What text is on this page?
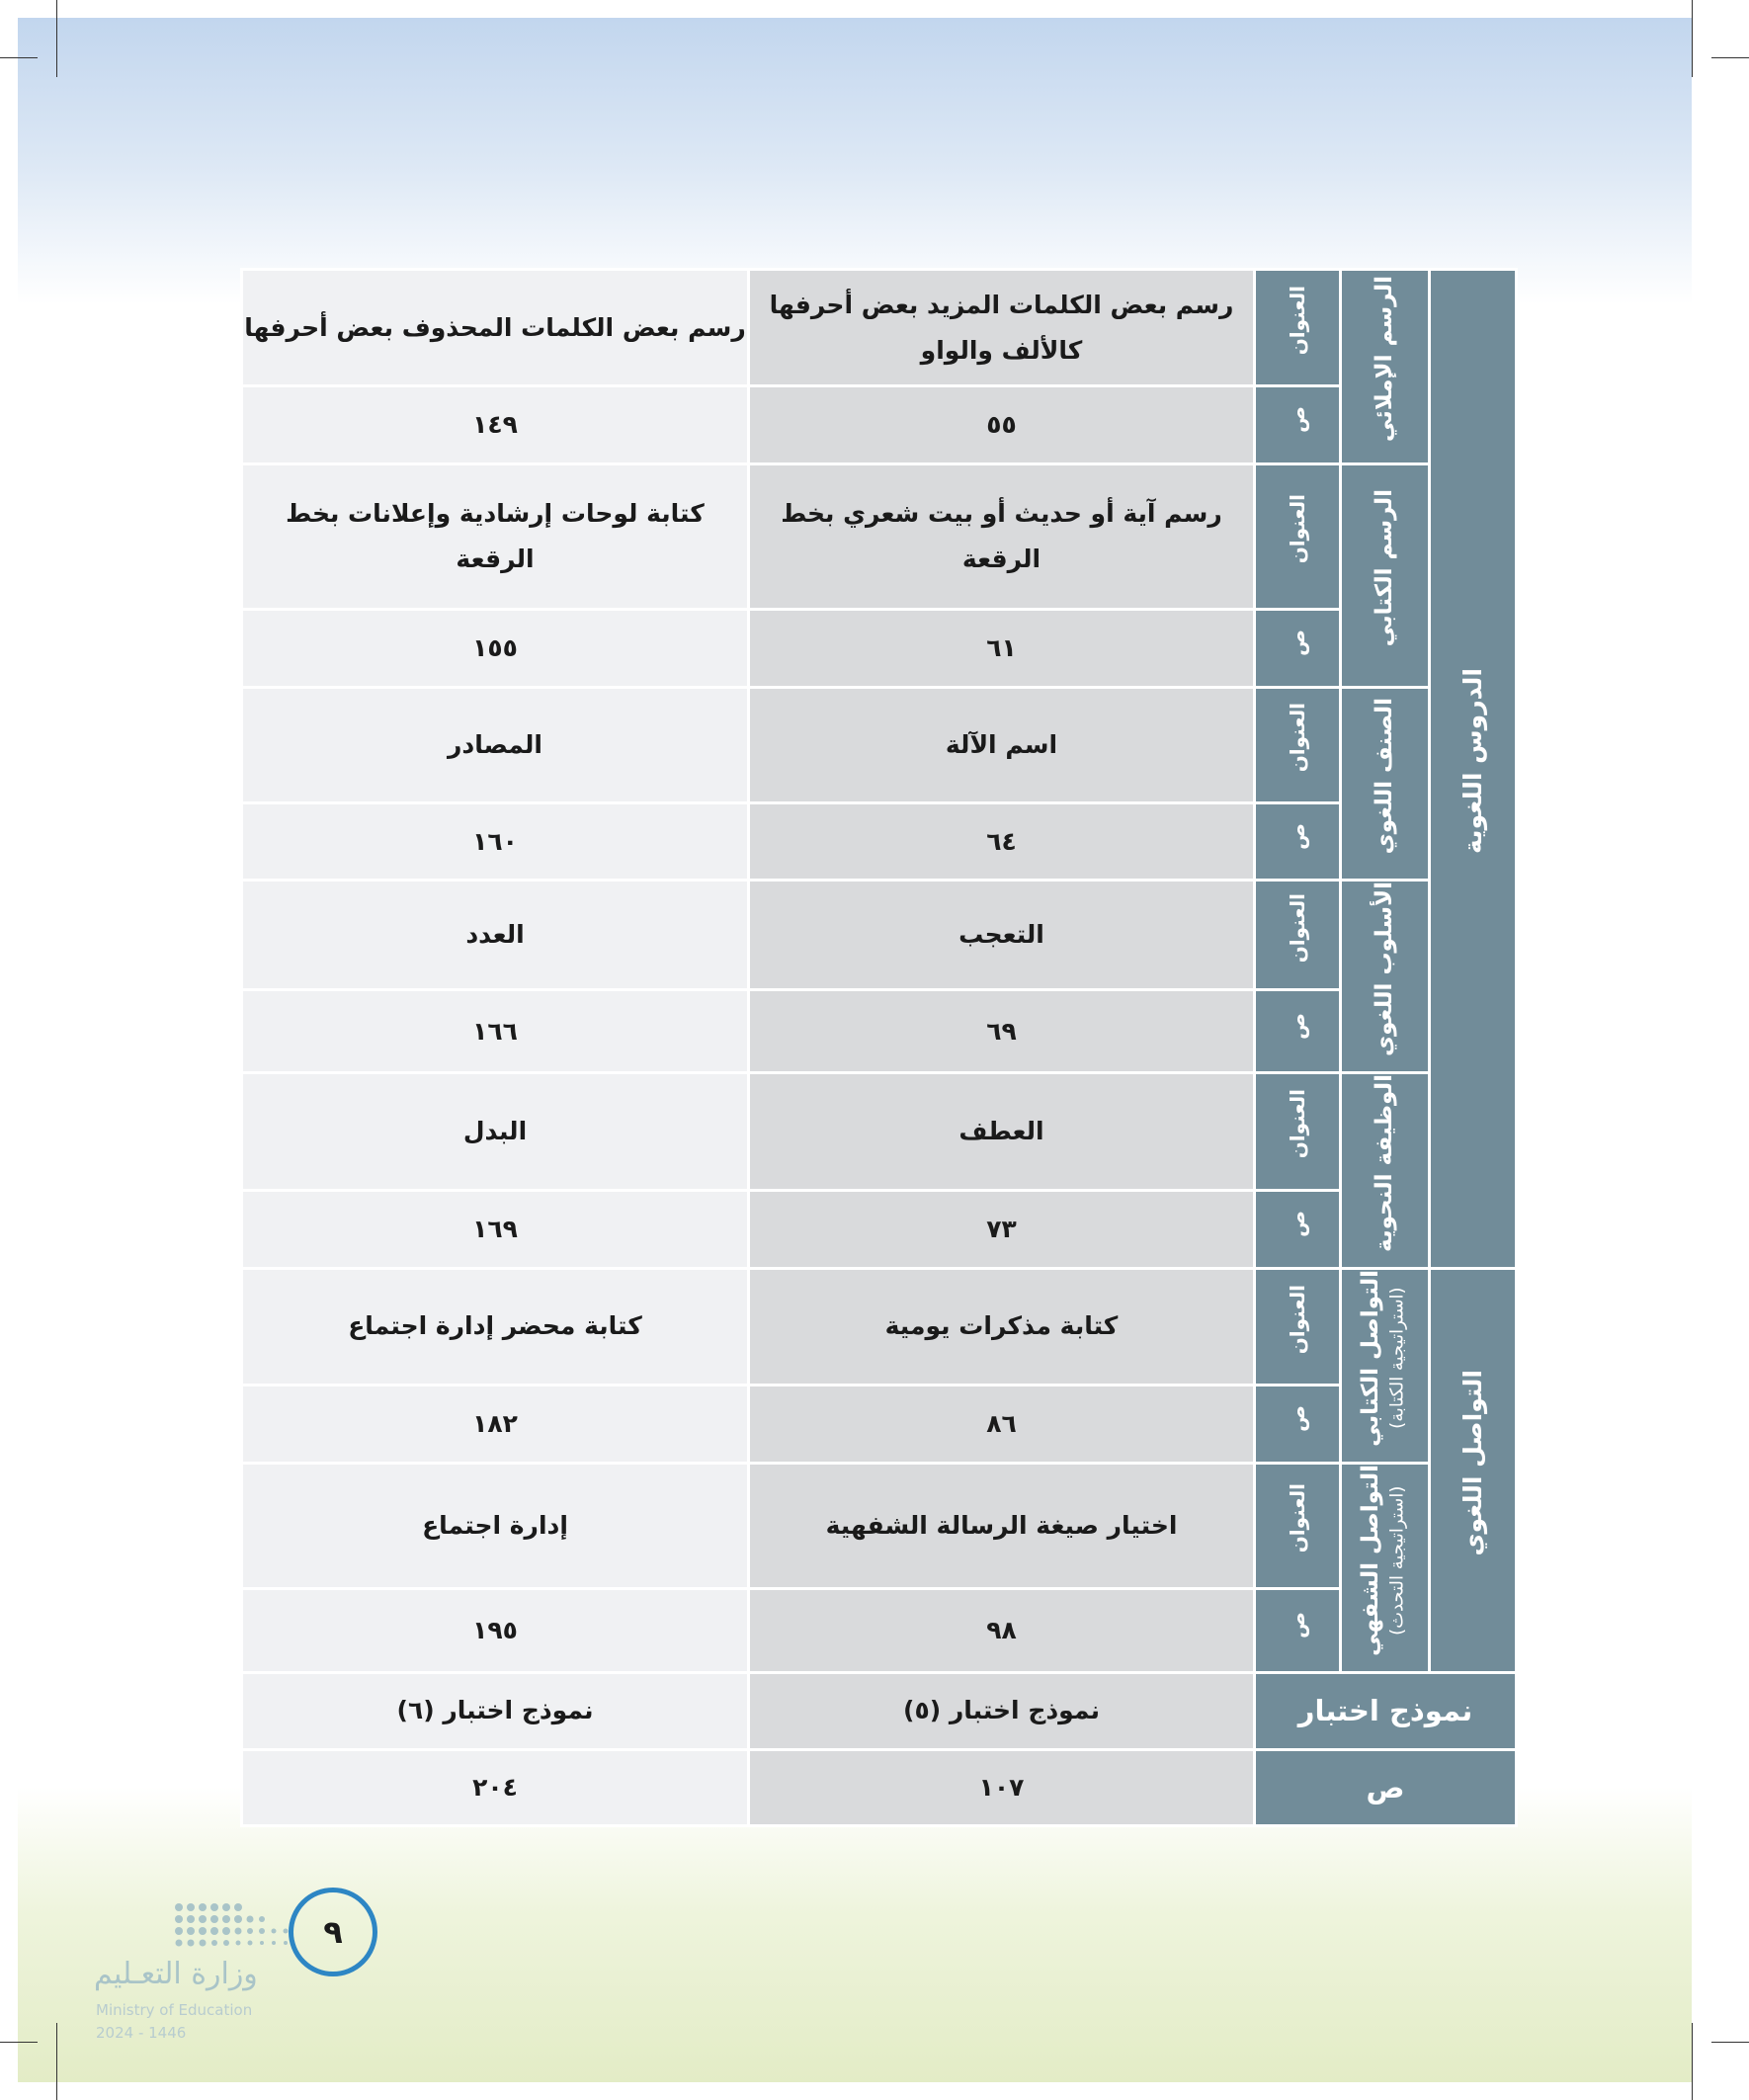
الدروس اللغوية	الرسم الإملائي	العنوان	رسم بعض الكلمات المزيد بعض أحرفها كالألف والواو	رسم بعض الكلمات المحذوف بعض أحرفها
		ص	٥٥	١٤٩
	الرسم الكتابي	العنوان	رسم آية أو حديث أو بيت شعري بخط الرقعة	كتابة لوحات إرشادية وإعلانات بخط الرقعة
		ص	٦١	١٥٥
	الصنف اللغوي	العنوان	اسم الآلة	المصادر
		ص	٦٤	١٦٠
	الأسلوب اللغوي	العنوان	التعجب	العدد
		ص	٦٩	١٦٦
	الوظيفة النحوية	العنوان	العطف	البدل
		ص	٧٣	١٦٩
التواصل اللغوي	التواصل الكتابي (استراتيجية الكتابة)	العنوان	كتابة مذكرات يومية	كتابة محضر إدارة اجتماع
		ص	٨٦	١٨٢
	التواصل الشفهي (استراتيجية التحدث)	العنوان	اختيار صيغة الرسالة الشفهية	إدارة اجتماع
		ص	٩٨	١٩٥
نموذج اختبار			نموذج اختبار (٥)	نموذج اختبار (٦)
ص			١٠٧	٢٠٤
وزارة التعـليم
Ministry of Education
2024 - 1446
٩
